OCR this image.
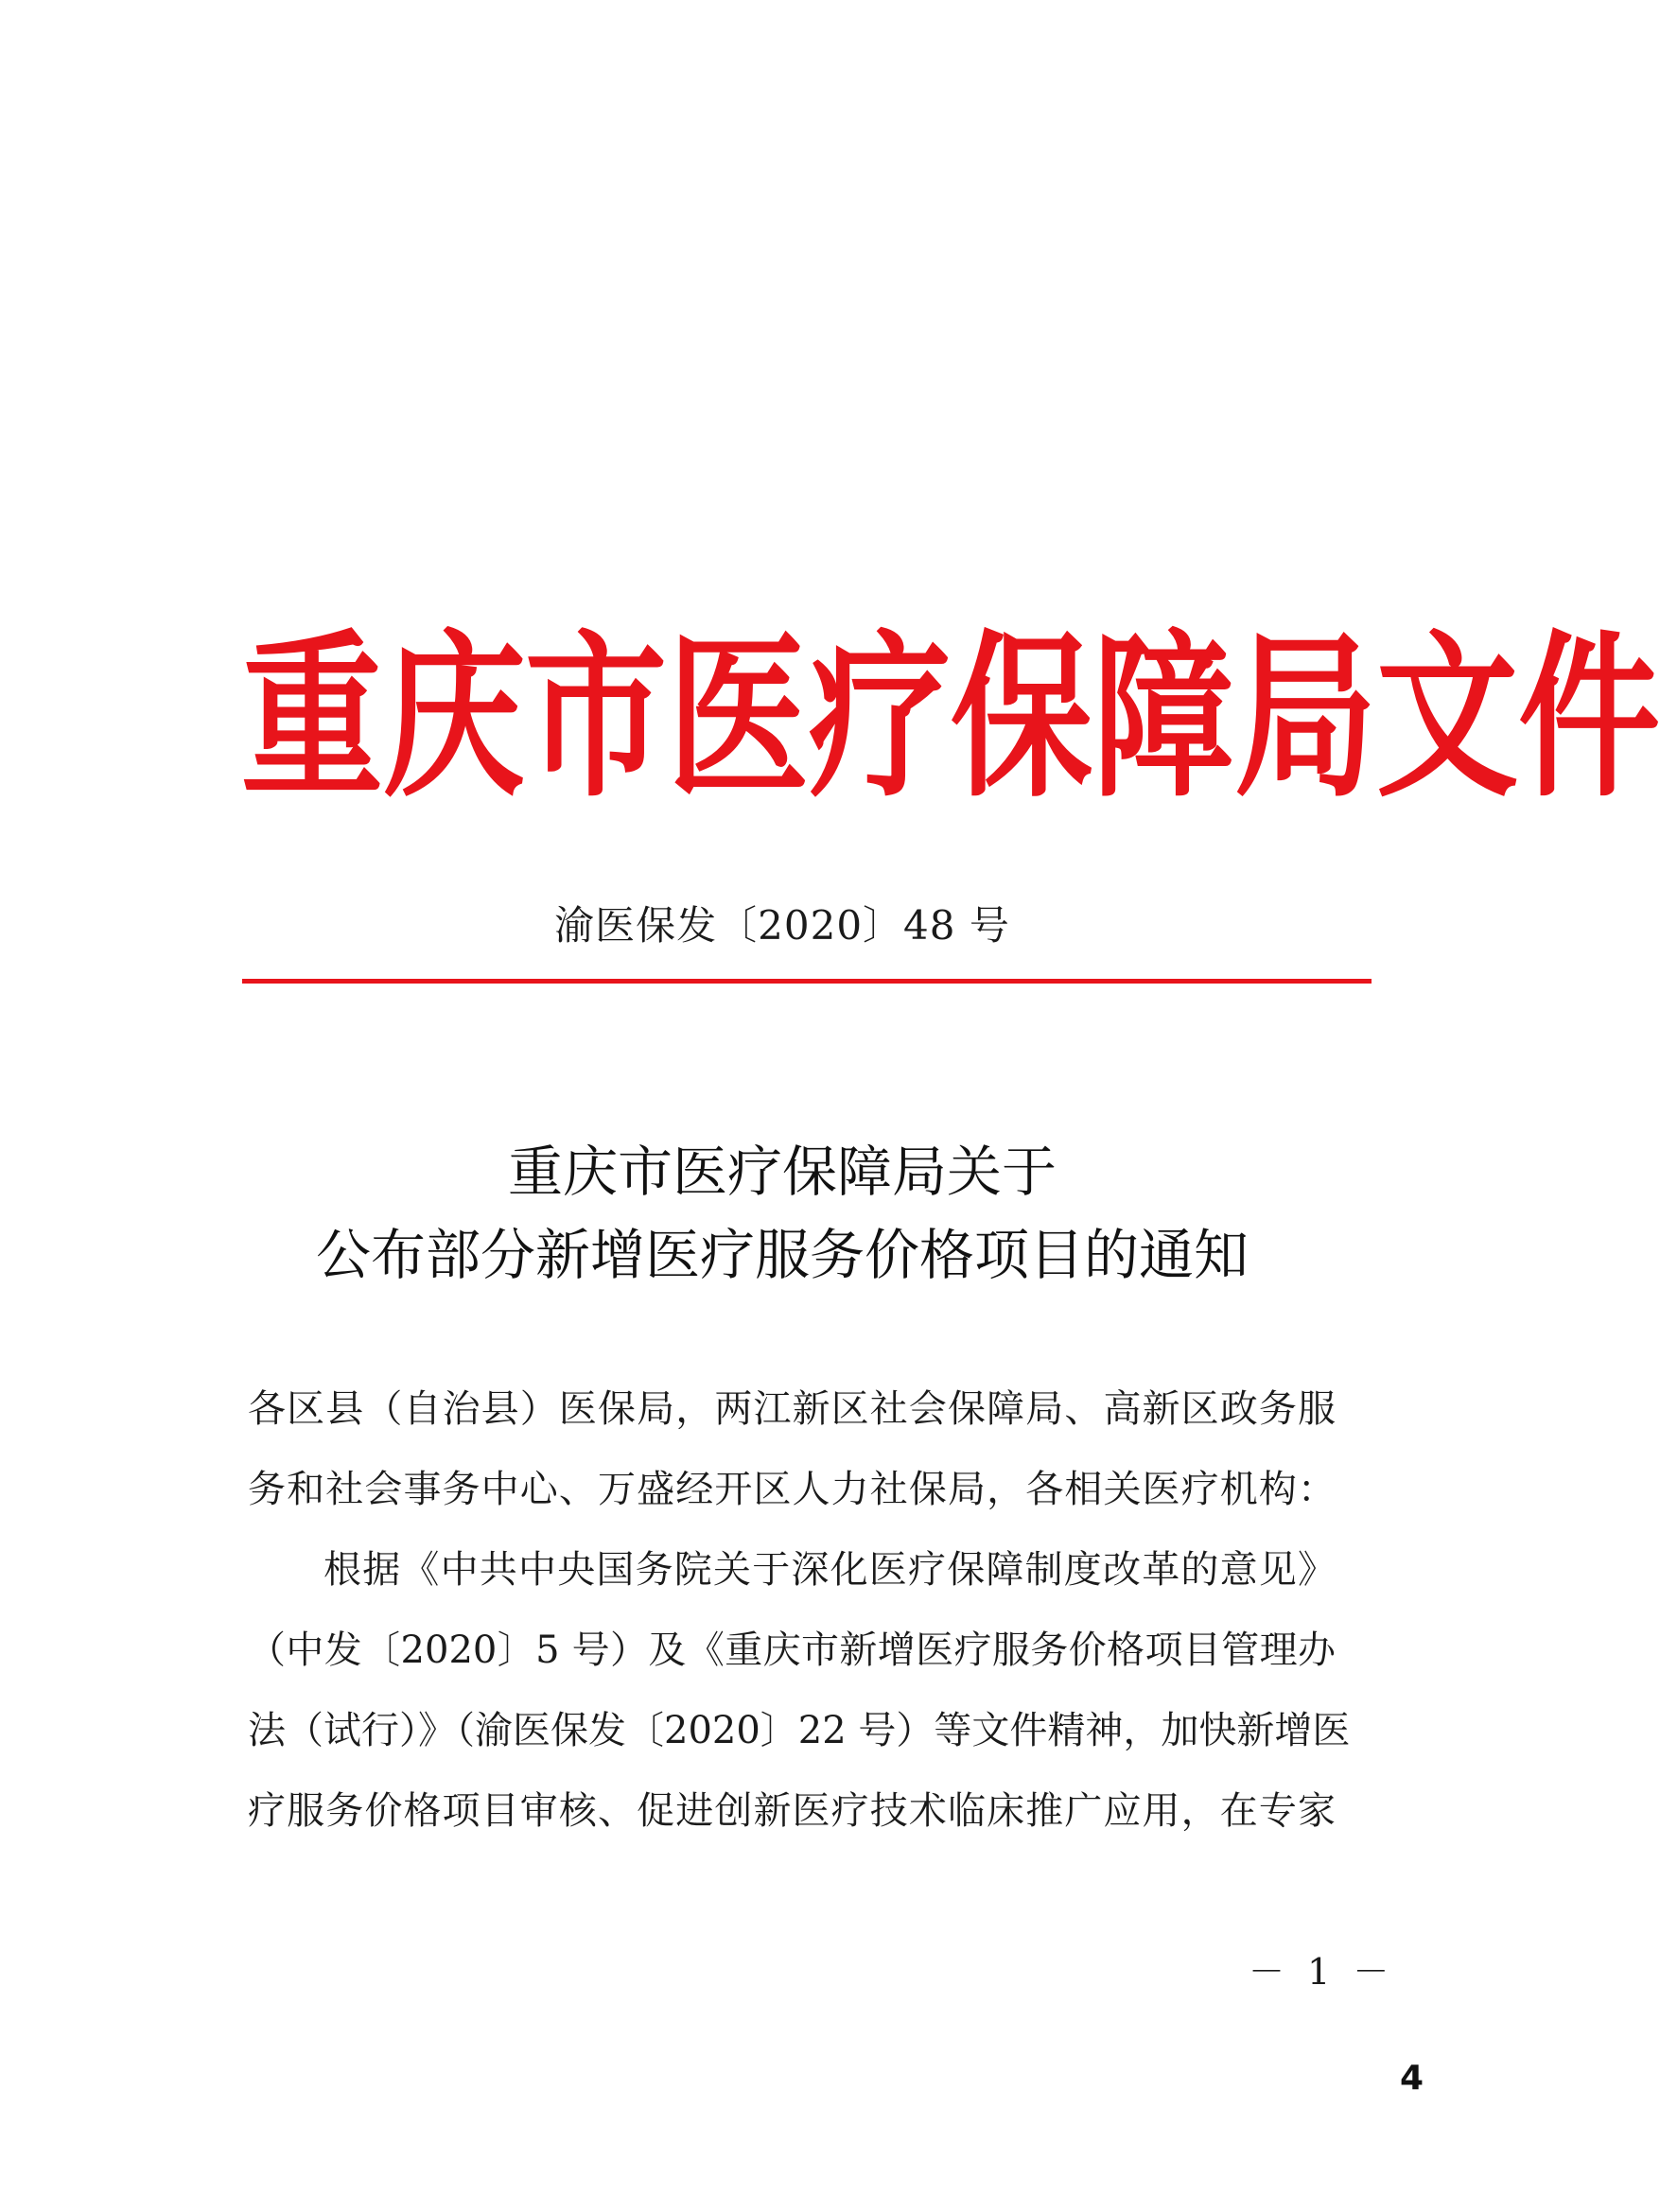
重 庆 市 医 疗 保 障 局 文 件
渝医保发〔2020〕48 号
重庆市医疗保障局关于
公布部分新增医疗服务价格项目的通知
各区县（自治县）医保局，两江新区社会保障局、高新区政务服
务和社会事务中心、万盛经开区人力社保局，各相关医疗机构：
根据《中共中央国务院关于深化医疗保障制度改革的意见》
（中发〔2020〕5 号）及《重庆市新增医疗服务价格项目管理办
法（试行）》（渝医保发〔2020〕22 号）等文件精神，加快新增医
疗服务价格项目审核、促进创新医疗技术临床推广应用，在专家
－ 1 －
4
